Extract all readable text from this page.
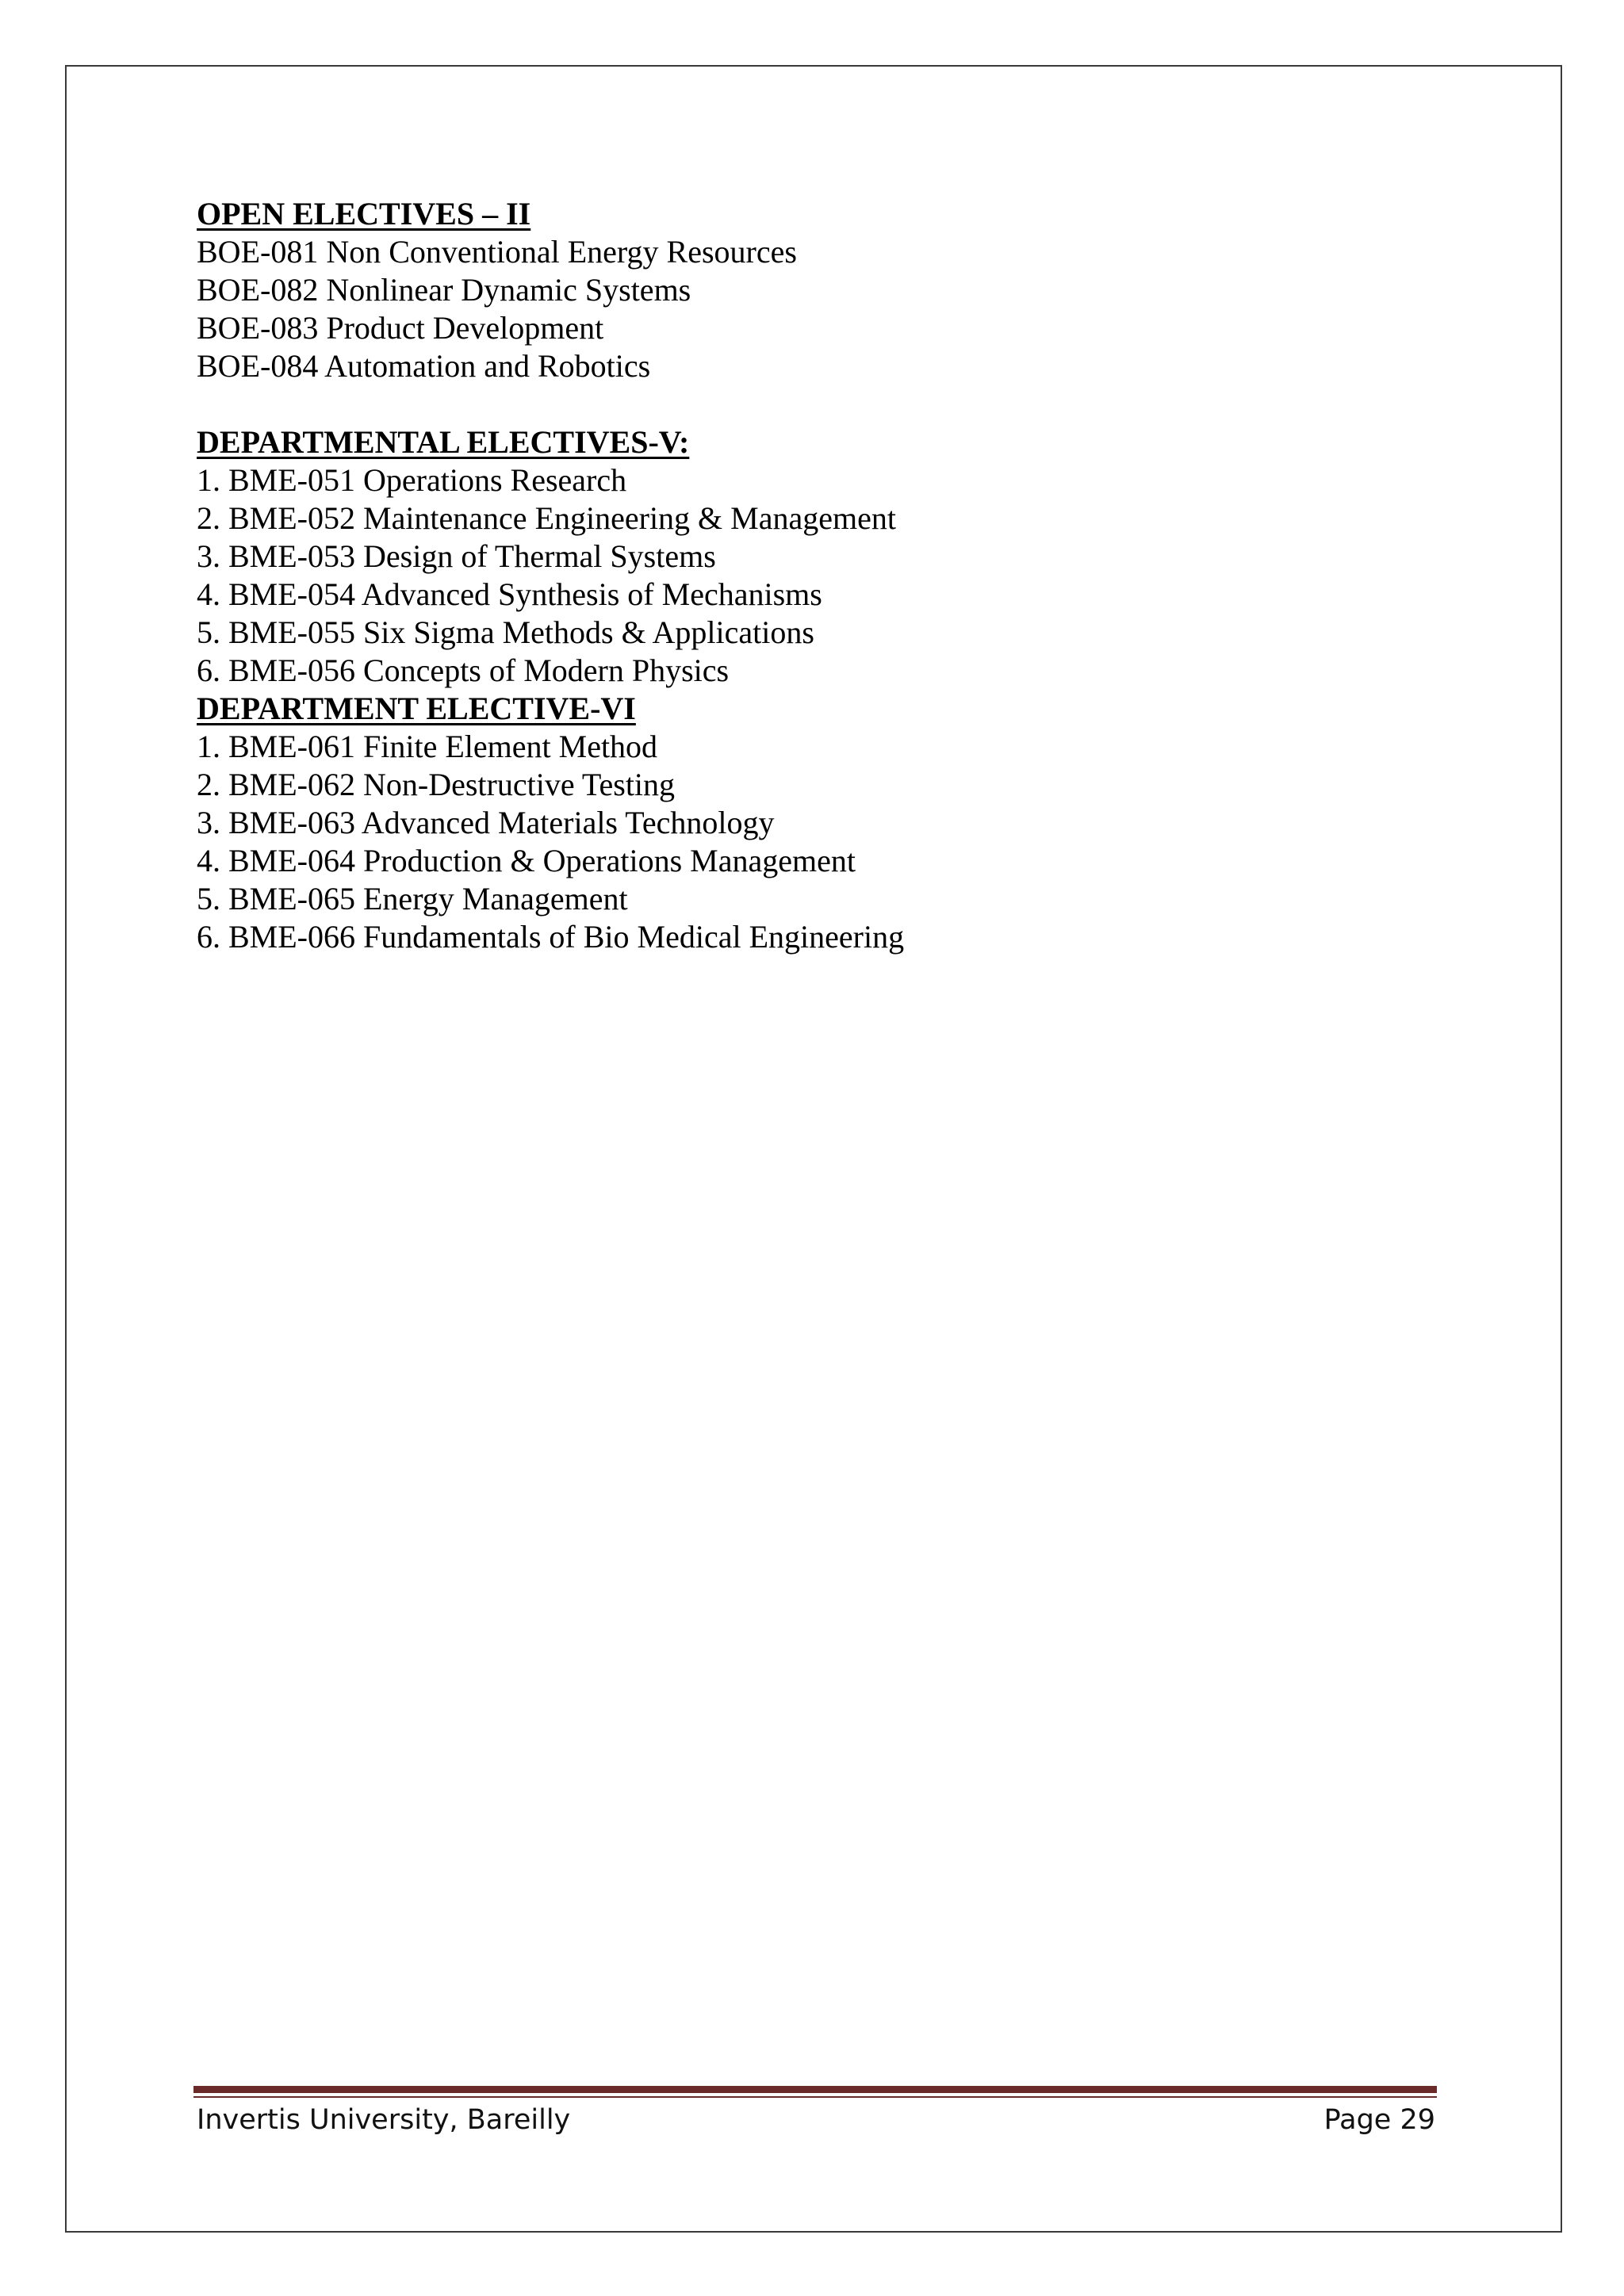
OPEN ELECTIVES – II

BOE-081 Non Conventional Energy Resources

BOE-082 Nonlinear Dynamic Systems

BOE-083 Product Development

BOE-084 Automation and Robotics

DEPARTMENTAL ELECTIVES-V:

1. BME-051 Operations Research

2. BME-052 Maintenance Engineering & Management

3. BME-053 Design of Thermal Systems

4. BME-054 Advanced Synthesis of Mechanisms

5. BME-055 Six Sigma Methods & Applications

6. BME-056 Concepts of Modern Physics

DEPARTMENT ELECTIVE-VI

1. BME-061 Finite Element Method

2. BME-062 Non-Destructive Testing

3. BME-063 Advanced Materials Technology

4. BME-064 Production & Operations Management

5. BME-065 Energy Management

6. BME-066 Fundamentals of Bio Medical Engineering

Invertis University, Bareilly	Page 29
